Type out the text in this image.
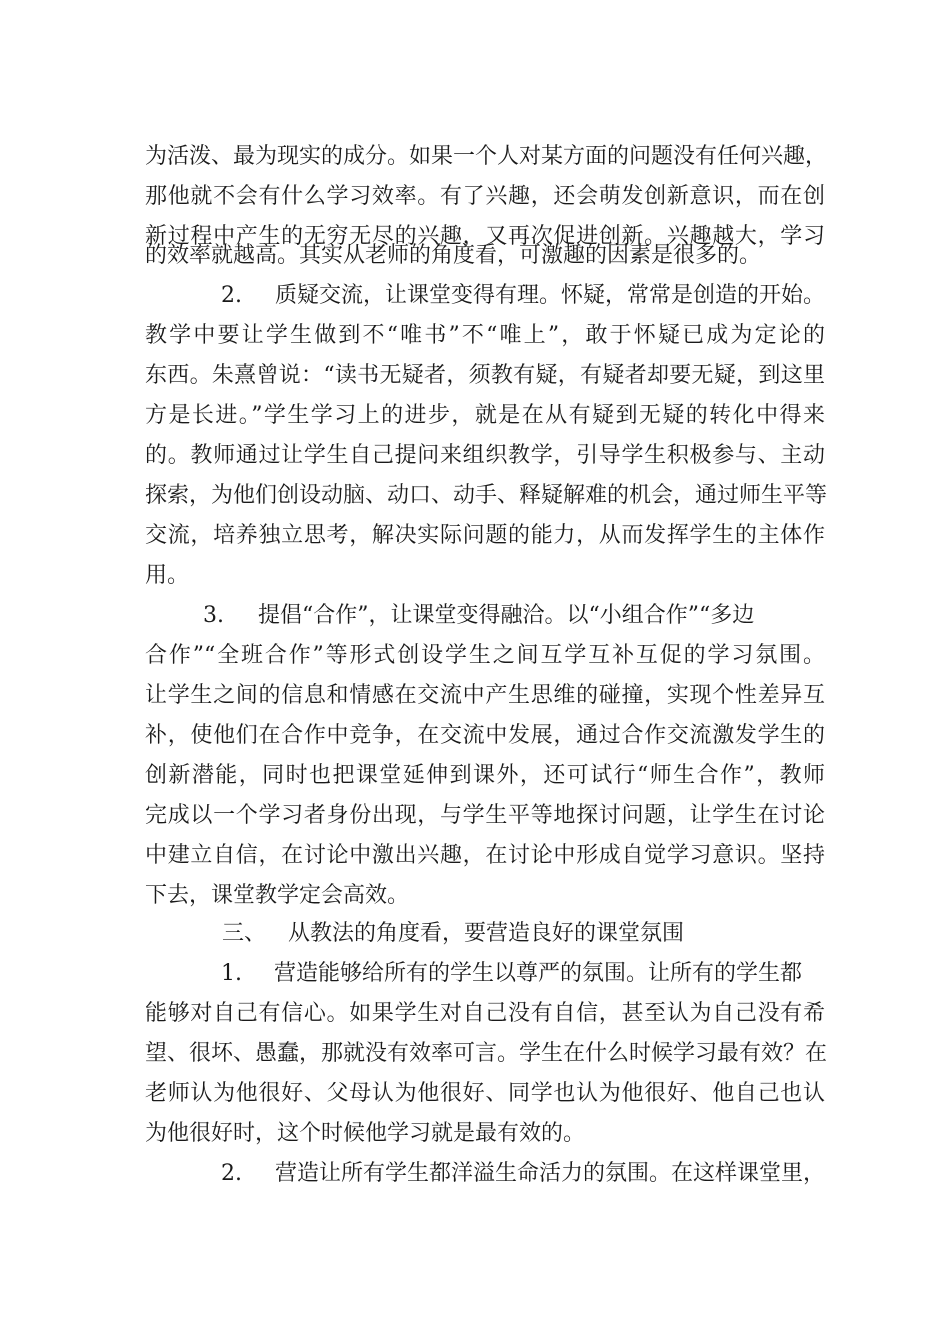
为活泼、最为现实的成分。如果一个人对某方面的问题没有任何兴趣，
那他就不会有什么学习效率。有了兴趣，还会萌发创新意识，而在创
新过程中产生的无穷无尽的兴趣，又再次促进创新。兴趣越大，学习
的效率就越高。其实从老师的角度看，可激趣的因素是很多的。
2. 质疑交流，让课堂变得有理。怀疑，常常是创造的开始。
教学中要让学生做到不“唯书”不“唯上”，敢于怀疑已成为定论的
东西。朱熹曾说：“读书无疑者，须教有疑，有疑者却要无疑，到这里
方是长进。”学生学习上的进步，就是在从有疑到无疑的转化中得来
的。教师通过让学生自己提问来组织教学，引导学生积极参与、主动
探索，为他们创设动脑、动口、动手、释疑解难的机会，通过师生平等
交流，培养独立思考，解决实际问题的能力，从而发挥学生的主体作
用。
3. 提倡“合作”，让课堂变得融洽。以“小组合作”“多边
合作”“全班合作”等形式创设学生之间互学互补互促的学习氛围。
让学生之间的信息和情感在交流中产生思维的碰撞，实现个性差异互
补，使他们在合作中竞争，在交流中发展，通过合作交流激发学生的
创新潜能，同时也把课堂延伸到课外，还可试行“师生合作”，教师
完成以一个学习者身份出现，与学生平等地探讨问题，让学生在讨论
中建立自信，在讨论中激出兴趣，在讨论中形成自觉学习意识。坚持
下去，课堂教学定会高效。
三、 从教法的角度看，要营造良好的课堂氛围
1. 营造能够给所有的学生以尊严的氛围。让所有的学生都
能够对自己有信心。如果学生对自己没有自信，甚至认为自己没有希
望、很坏、愚蠢，那就没有效率可言。学生在什么时候学习最有效？在
老师认为他很好、父母认为他很好、同学也认为他很好、他自己也认
为他很好时，这个时候他学习就是最有效的。
2. 营造让所有学生都洋溢生命活力的氛围。在这样课堂里，
